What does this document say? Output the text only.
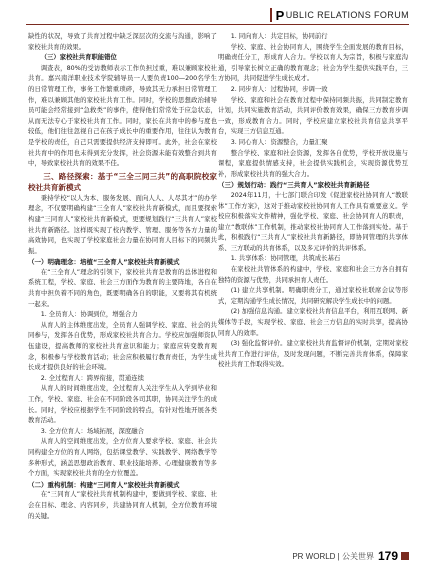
P UBLIC RELATIONS FORUM

缺性的状况，导致了共育过程中缺乏深层次的交流与沟通，影响了家校社共育的效果。

（三）家校社共育职能错位

调查表，80%的受访教师表示工作负担过重，难以兼顾家校社共育。嘉兴南洋职业技术学院辅导员一人要负责100—200名学生的日常管理工作，事务工作繁重琐碎，导致其无力承担日常管理工作，难以兼顾其他的家校社共育工作。同时，学校的思想政治辅导员可能会经常接到“急救类”的事件，使得他们常常处于应急状态，从而无法专心于家校社共育工作。同时，家长在共育中的参与度也较低，他们往往忽视自己在孩子成长中的重要作用，往往认为教育是学校的责任，自己只需要提供经济支持即可。此外，社会在家校社共育中的作用也未得到充分发挥，社会资源未能有效整合到共育中，导致家校社共育的效果不佳。

三、路径探索：基于“三全三同三共”的高职院校家校社共育新模式

秉持学校“以人为本、服务发展、面向人人、人尽其才”的办学理念，不仅要明确构建“三全育人”家校社共育新模式，而且要探索构建“三同育人”家校社共育新模式，更要规划践行“三共育人”家校社共育新路径。这样既实现了校内教学、管理、服务等各方力量的高效协同，也实现了学校家庭社会力量在协同育人目标下的同频共振。

（一）明确理念：培植“三全育人”家校社共育新模式

在“三全育人”理念的引领下，家校社共育是教育的总体进程和系统工程，学校、家庭、社会三方面作为教育的主要阵地，各自在共育中担负着不同的角色，既要明确各自的职能，又要将其有机统一起来。

1. 全员育人：协调到位，增强合力

从育人的主体维度出发，全员育人强调学校、家庭、社会的共同参与，发挥各自优势，形成家校社共育合力。学校应加强师资队伍建设，提高教师的家校社共育意识和能力；家庭应转变教育观念，积极参与学校教育活动；社会应积极履行教育责任，为学生成长成才提供良好的社会环境。

2. 全过程育人：跨界衔接，贯通连续

从育人的时间维度出发，全过程育人关注学生从入学到毕业和工作，学校、家庭、社会在不同阶段各司其职，协同关注学生的成长。同时，学校应根据学生不同阶段的特点，有针对性地开展各类教育活动。

3. 全方位育人：场域拓展，深度融合

从育人的空间维度出发，全方位育人要求学校、家庭、社会共同构建全方位的育人网络，包括课堂教学、实践教学、网络教学等多种形式，涵盖思想政治教育、职业技能培养、心理健康教育等多个方面，实现家校社共育的全方位覆盖。

（二）重构机制：构建“三同育人”家校社共育新模式

在“三同育人”家校社共育机制构建中，要做到学校、家庭、社会在目标、理念、内容同步，共建协同育人机制，全方位教育环境的关键。

1. 同向育人：共定目标，协同前行

学校、家庭、社会协同育人，围绕学生全面发展的教育目标，明确责任分工，形成育人合力。学校以育人为宗旨，积极与家庭沟通，引导家长树立正确的教育观念；社会为学生提供实践平台，三方协同，共同促进学生成长成才。

2. 同步育人：过程协同，步调一致

学校、家庭和社会在教育过程中保持同频共振，共同制定教育计划，共同实施教育活动，共同评价教育效果，确保三方教育步调一致，形成教育合力。同时，学校应建立家校社共育信息共享平台，实现三方信息互通。

3. 同心育人：资源整合，力量汇聚

整合学校、家庭和社会资源，发挥各自优势，学校开放设施与课程，家庭提供情感支持，社会提供实践机会，实现资源优势互补，形成家校社共育的强大合力。

（三）规划行动：践行“三共育人”家校社共育新路径

2024年11月，十七部门联合印发《促进家校社协同育人“教联体”工作方案》，这对于推动家校社协同育人工作具有重要意义。学校应积极落实文件精神，强化学校、家庭、社会协同育人的职责，建立“教联体”工作机制，推动家校社协同育人工作落到实处。基于此，积极践行“三共育人”家校社共育新路径，即协同管理的共享体系、三方联动的共育体系，以及多元评价的共评体系。

1. 共享体系：协同管理，共筑成长基石

在家校社共管体系的构建中，学校、家庭和社会三方各自拥有独特的资源与优势，共同承担育人责任。

(1) 建立共享机制。明确职责分工，通过家校社联席会议等形式，定期沟通学生成长情况，共同研究解决学生成长中的问题。

(2) 加强信息沟通。建立家校社共育信息平台，利用互联网、新媒体等手段，实现学校、家庭、社会三方信息的实时共享，提高协同育人的效率。

(3) 强化监督评价。建立家校社共育监督评价机制，定期对家校社共育工作进行评估，及时发现问题，不断完善共育体系，保障家校社共育工作取得实效。

PR WORLD | 公关世界 179
